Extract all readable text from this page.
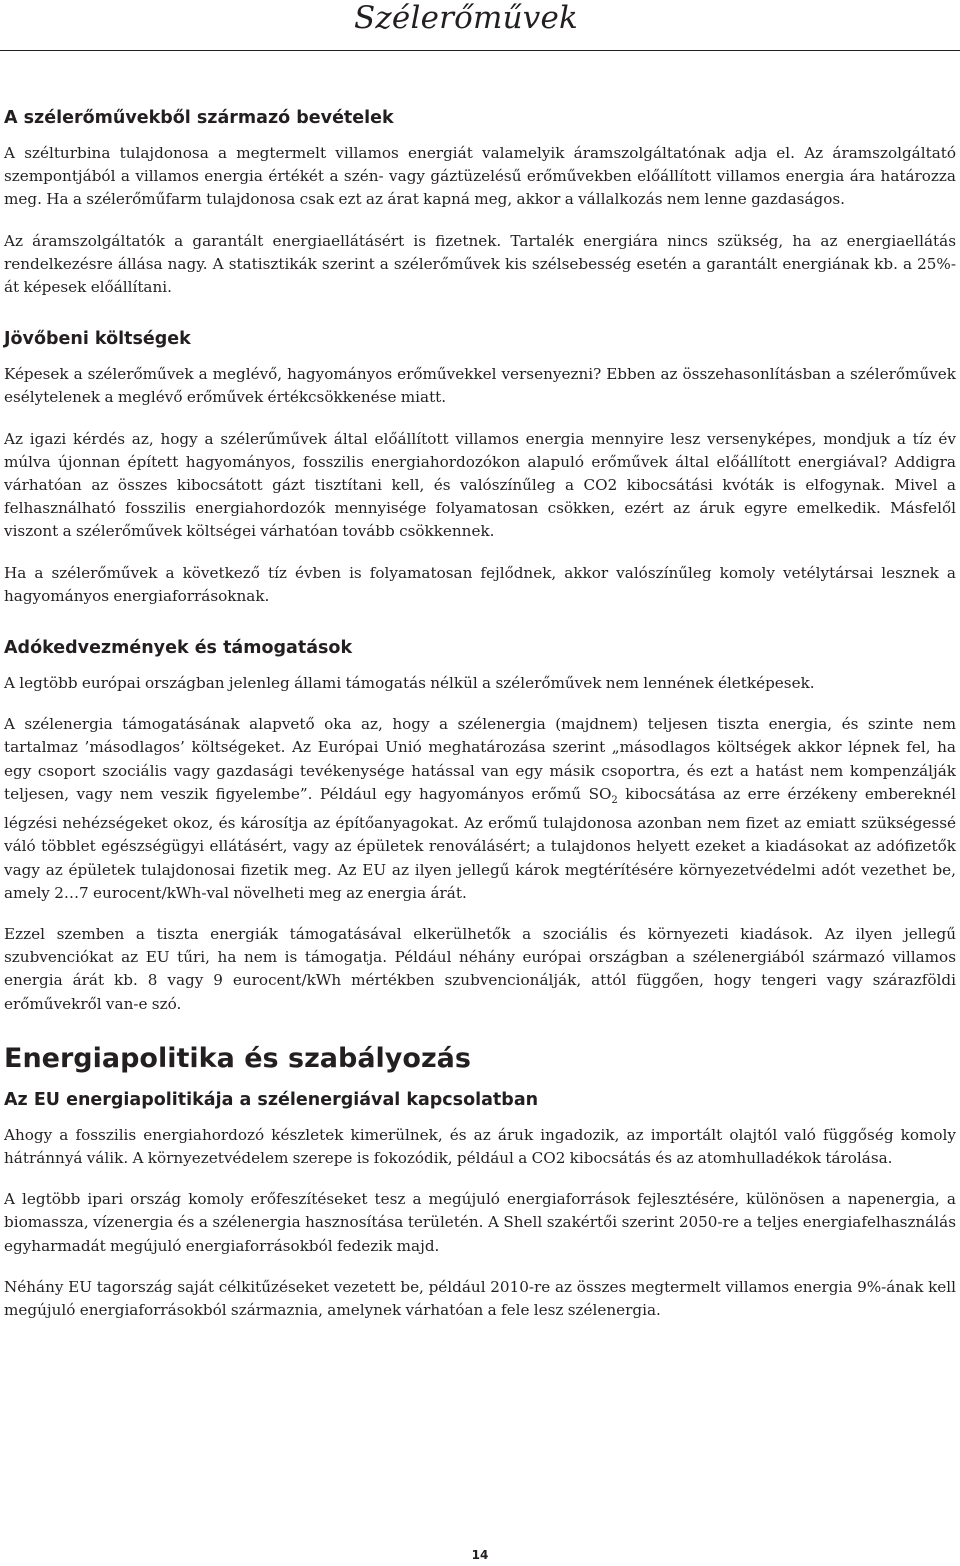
Szélerőművek
A szélerőművekből származó bevételek

A szélturbina tulajdonosa a megtermelt villamos energiát valamelyik áramszolgáltatónak adja el. Az áramszolgáltató szempontjából a villamos energia értékét a szén- vagy gáztüzelésű erőművekben előállított villamos energia ára határozza meg. Ha a szélerőműfarm tulajdonosa csak ezt az árat kapná meg, akkor a vállalkozás nem lenne gazdaságos.

Az áramszolgáltatók a garantált energiaellátásért is fizetnek. Tartalék energiára nincs szükség, ha az energiaellátás rendelkezésre állása nagy. A statisztikák szerint a szélerőművek kis szélsebesség esetén a garantált energiának kb. a 25%-át képesek előállítani.

Jövőbeni költségek

Képesek a szélerőművek a meglévő, hagyományos erőművekkel versenyezni? Ebben az összehasonlításban a szélerőművek esélytelenek a meglévő erőművek értékcsökkenése miatt.

Az igazi kérdés az, hogy a szélerűművek által előállított villamos energia mennyire lesz versenyképes, mondjuk a tíz év múlva újonnan épített hagyományos, fosszilis energiahordozókon alapuló erőművek által előállított energiával? Addigra várhatóan az összes kibocsátott gázt tisztítani kell, és valószínűleg a CO2 kibocsátási kvóták is elfogynak. Mivel a felhasználható fosszilis energiahordozók mennyisége folyamatosan csökken, ezért az áruk egyre emelkedik. Másfelől viszont a szélerőművek költségei várhatóan tovább csökkennek.

Ha a szélerőművek a következő tíz évben is folyamatosan fejlődnek, akkor valószínűleg komoly vetélytársai lesznek a hagyományos energiaforrásoknak.

Adókedvezmények és támogatások

A legtöbb európai országban jelenleg állami támogatás nélkül a szélerőművek nem lennének életképesek.

A szélenergia támogatásának alapvető oka az, hogy a szélenergia (majdnem) teljesen tiszta energia, és szinte nem tartalmaz ’másodlagos’ költségeket. Az Európai Unió meghatározása szerint „másodlagos költségek akkor lépnek fel, ha egy csoport szociális vagy gazdasági tevékenysége hatással van egy másik csoportra, és ezt a hatást nem kompenzálják teljesen, vagy nem veszik figyelembe”. Például egy hagyományos erőmű $SO_2$ kibocsátása az erre érzékeny embereknél légzési nehézségeket okoz, és károsítja az építőanyagokat. Az erőmű tulajdonosa azonban nem fizet az emiatt szükségessé váló többlet egészségügyi ellátásért, vagy az épületek renoválásért; a tulajdonos helyett ezeket a kiadásokat az adófizetők vagy az épületek tulajdonosai fizetik meg. Az EU az ilyen jellegű károk megtérítésére környezetvédelmi adót vezethet be, amely 2…7 eurocent/kWh-val növelheti meg az energia árát.

Ezzel szemben a tiszta energiák támogatásával elkerülhetők a szociális és környezeti kiadások. Az ilyen jellegű szubvenciókat az EU tűri, ha nem is támogatja. Például néhány európai országban a szélenergiából származó villamos energia árát kb. 8 vagy 9 eurocent/kWh mértékben szubvencionálják, attól függően, hogy tengeri vagy szárazföldi erőművekről van-e szó.

Energiapolitika és szabályozás
Az EU energiapolitikája a szélenergiával kapcsolatban

Ahogy a fosszilis energiahordozó készletek kimerülnek, és az áruk ingadozik, az importált olajtól való függőség komoly hátránnyá válik. A környezetvédelem szerepe is fokozódik, például a CO2 kibocsátás és az atomhulladékok tárolása.

A legtöbb ipari ország komoly erőfeszítéseket tesz a megújuló energiaforrások fejlesztésére, különösen a napenergia, a biomassza, vízenergia és a szélenergia hasznosítása területén. A Shell szakértői szerint 2050-re a teljes energiafelhasználás egyharmadát megújuló energiaforrásokból fedezik majd.

Néhány EU tagország saját célkitűzéseket vezetett be, például 2010-re az összes megtermelt villamos energia 9%-ának kell megújuló energiaforrásokból származnia, amelynek várhatóan a fele lesz szélenergia.

14
